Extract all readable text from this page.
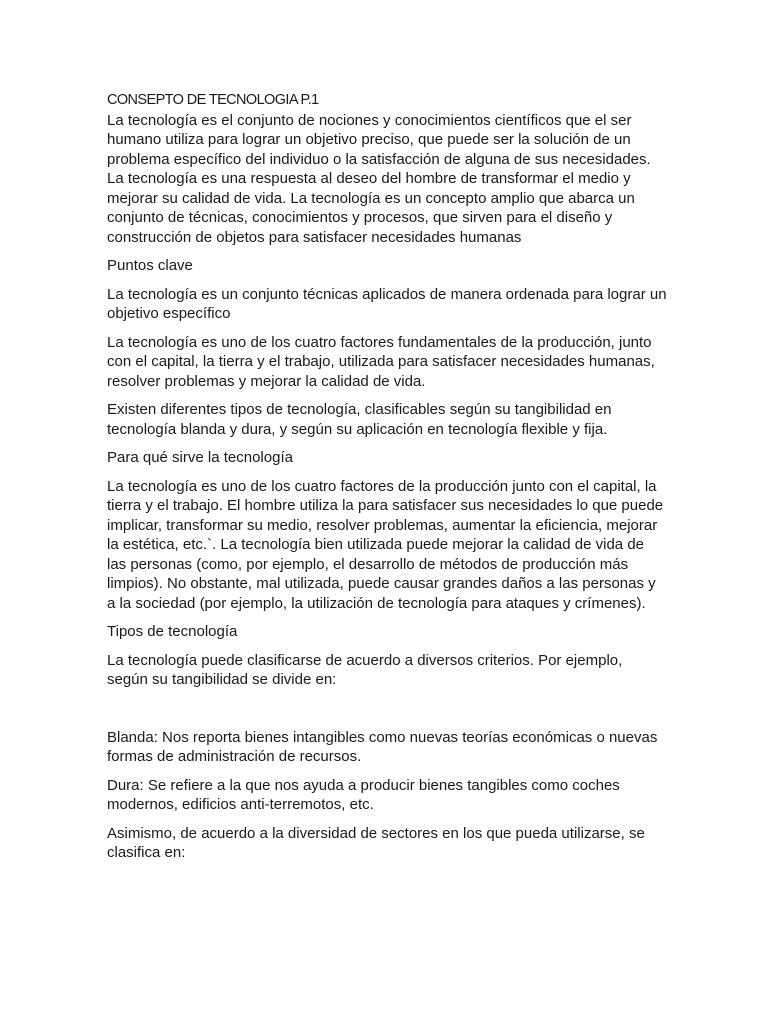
CONSEPTO DE TECNOLOGIA P.1

La tecnología es el conjunto de nociones y conocimientos científicos que el ser humano utiliza para lograr un objetivo preciso, que puede ser la solución de un problema específico del individuo o la satisfacción de alguna de sus necesidades. La tecnología es una respuesta al deseo del hombre de transformar el medio y mejorar su calidad de vida. La tecnología es un concepto amplio que abarca un conjunto de técnicas, conocimientos y procesos, que sirven para el diseño y construcción de objetos para satisfacer necesidades humanas

Puntos clave

La tecnología es un conjunto técnicas aplicados de manera ordenada para lograr un objetivo específico

La tecnología es uno de los cuatro factores fundamentales de la producción, junto con el capital, la tierra y el trabajo, utilizada para satisfacer necesidades humanas, resolver problemas y mejorar la calidad de vida.

Existen diferentes tipos de tecnología, clasificables según su tangibilidad en tecnología blanda y dura, y según su aplicación en tecnología flexible y fija.

Para qué sirve la tecnología

La tecnología es uno de los cuatro factores de la producción junto con el capital, la tierra y el trabajo. El hombre utiliza la para satisfacer sus necesidades lo que puede implicar, transformar su medio, resolver problemas, aumentar la eficiencia, mejorar la estética, etc.`. La tecnología bien utilizada puede mejorar la calidad de vida de las personas (como, por ejemplo, el desarrollo de métodos de producción más limpios). No obstante, mal utilizada, puede causar grandes daños a las personas y a la sociedad (por ejemplo, la utilización de tecnología para ataques y crímenes).

Tipos de tecnología

La tecnología puede clasificarse de acuerdo a diversos criterios. Por ejemplo, según su tangibilidad se divide en:

Blanda: Nos reporta bienes intangibles como nuevas teorías económicas o nuevas formas de administración de recursos.

Dura: Se refiere a la que nos ayuda a producir bienes tangibles como coches modernos, edificios anti-terremotos, etc.

Asimismo, de acuerdo a la diversidad de sectores en los que pueda utilizarse, se clasifica en:
